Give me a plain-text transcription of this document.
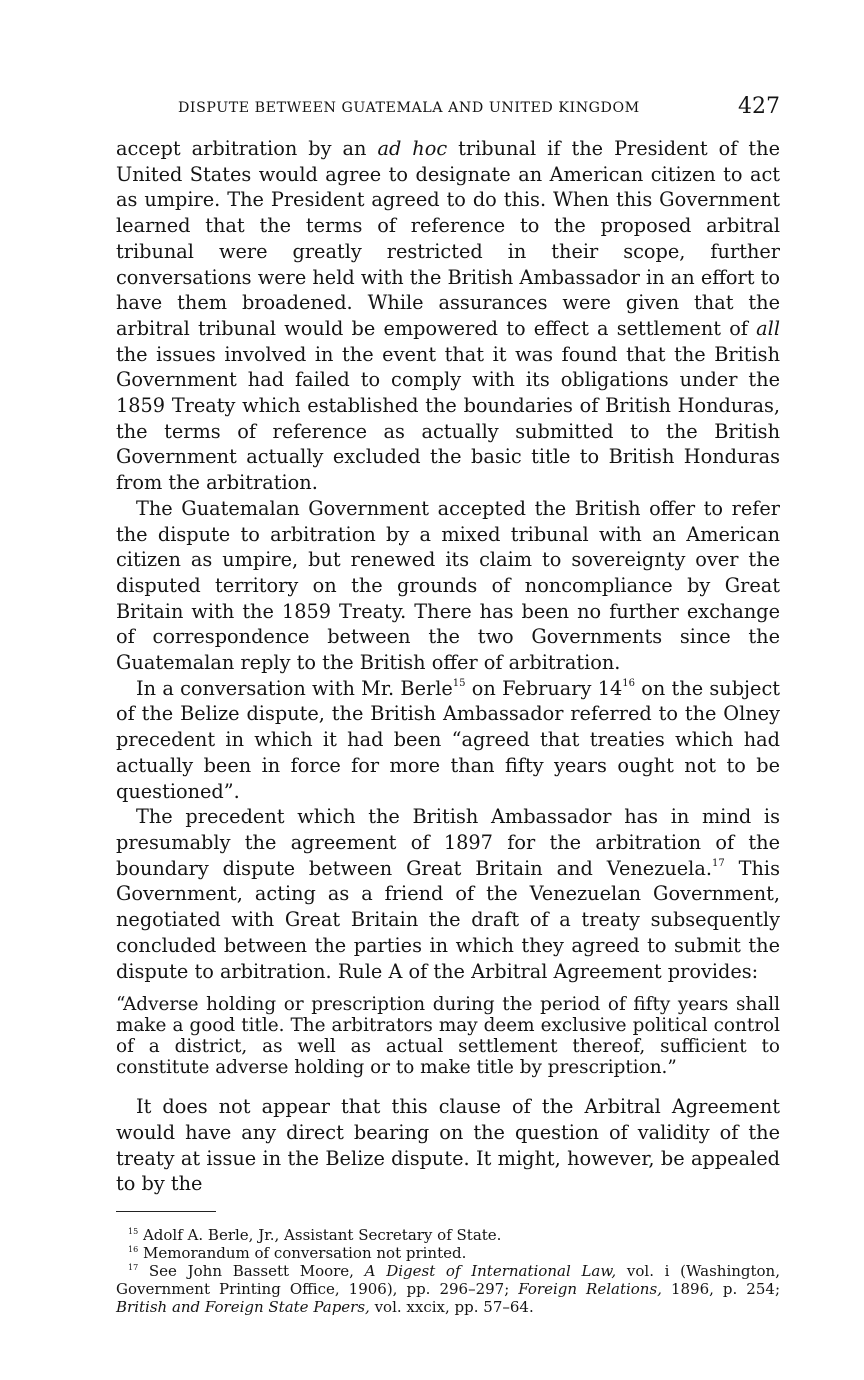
DISPUTE BETWEEN GUATEMALA AND UNITED KINGDOM	427

accept arbitration by an ad hoc tribunal if the President of the United States would agree to designate an American citizen to act as umpire. The President agreed to do this. When this Government learned that the terms of reference to the proposed arbitral tribunal were greatly restricted in their scope, further conversations were held with the British Ambassador in an effort to have them broadened. While assurances were given that the arbitral tribunal would be empowered to effect a settlement of all the issues involved in the event that it was found that the British Government had failed to comply with its obligations under the 1859 Treaty which established the boundaries of British Honduras, the terms of reference as actually submitted to the British Government actually excluded the basic title to British Honduras from the arbitration.

The Guatemalan Government accepted the British offer to refer the dispute to arbitration by a mixed tribunal with an American citizen as umpire, but renewed its claim to sovereignty over the disputed territory on the grounds of noncompliance by Great Britain with the 1859 Treaty. There has been no further exchange of correspondence between the two Governments since the Guatemalan reply to the British offer of arbitration.

In a conversation with Mr. Berle$^{15}$ on February $14^{16}$ on the subject of the Belize dispute, the British Ambassador referred to the Olney precedent in which it had been “agreed that treaties which had actually been in force for more than fifty years ought not to be questioned”.

The precedent which the British Ambassador has in mind is presumably the agreement of 1897 for the arbitration of the boundary dispute between Great Britain and Venezuela.$^{17}$ This Government, acting as a friend of the Venezuelan Government, negotiated with Great Britain the draft of a treaty subsequently concluded between the parties in which they agreed to submit the dispute to arbitration. Rule A of the Arbitral Agreement provides:

“Adverse holding or prescription during the period of fifty years shall make a good title. The arbitrators may deem exclusive political control of a district, as well as actual settlement thereof, sufficient to constitute adverse holding or to make title by prescription.”

It does not appear that this clause of the Arbitral Agreement would have any direct bearing on the question of validity of the treaty at issue in the Belize dispute. It might, however, be appealed to by the

$^{15}$ Adolf A. Berle, Jr., Assistant Secretary of State.

$^{16}$ Memorandum of conversation not printed.

$^{17}$ See John Bassett Moore, A Digest of International Law, vol. i (Washington, Government Printing Office, 1906), pp. 296–297; Foreign Relations, 1896, p. 254; British and Foreign State Papers, vol. xxcix, pp. 57–64.
